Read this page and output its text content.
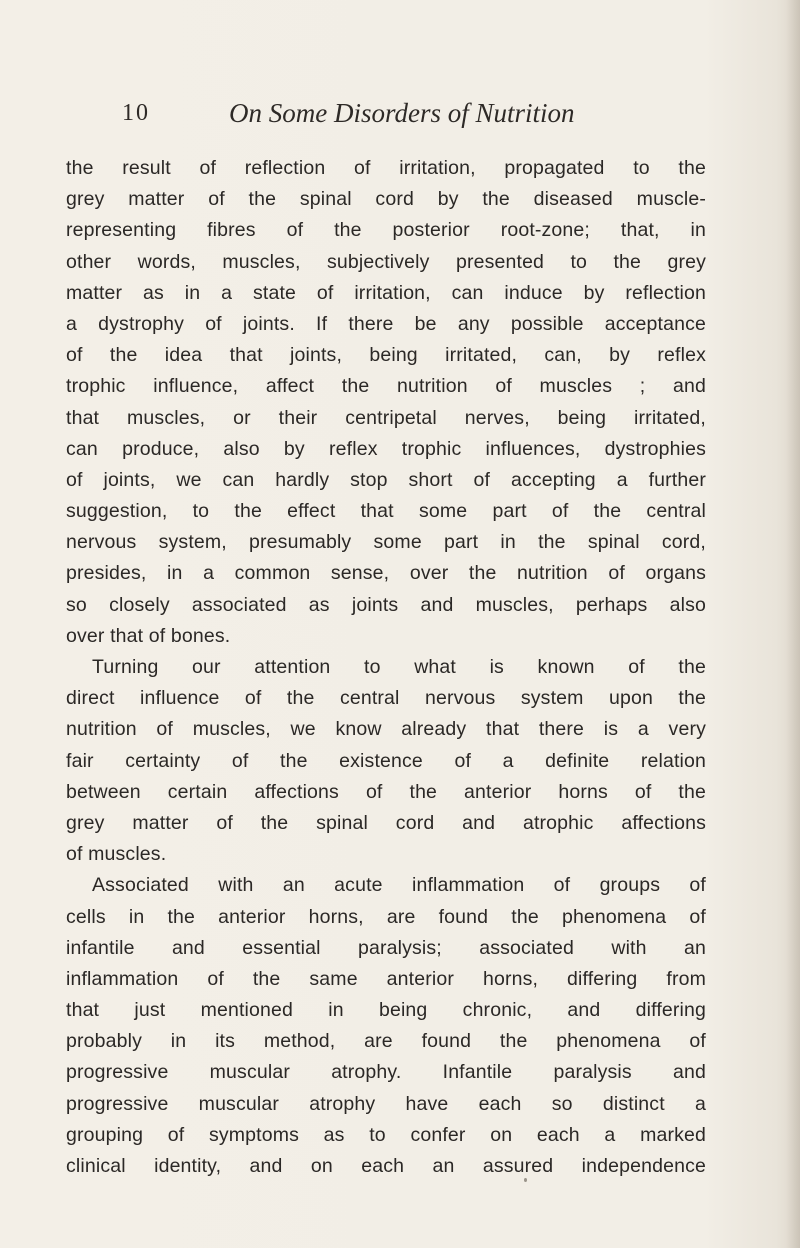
10	On Some Disorders of Nutrition
the result of reflection of irritation, propagated to the
grey matter of the spinal cord by the diseased muscle-
representing fibres of the posterior root-zone; that, in
other words, muscles, subjectively presented to the grey
matter as in a state of irritation, can induce by reflection
a dystrophy of joints. If there be any possible acceptance
of the idea that joints, being irritated, can, by reflex
trophic influence, affect the nutrition of muscles ; and
that muscles, or their centripetal nerves, being irritated,
can produce, also by reflex trophic influences, dystrophies
of joints, we can hardly stop short of accepting a further
suggestion, to the effect that some part of the central
nervous system, presumably some part in the spinal cord,
presides, in a common sense, over the nutrition of organs
so closely associated as joints and muscles, perhaps also
over that of bones.
Turning our attention to what is known of the
direct influence of the central nervous system upon the
nutrition of muscles, we know already that there is a very
fair certainty of the existence of a definite relation
between certain affections of the anterior horns of the
grey matter of the spinal cord and atrophic affections
of muscles.
Associated with an acute inflammation of groups of
cells in the anterior horns, are found the phenomena of
infantile and essential paralysis; associated with an
inflammation of the same anterior horns, differing from
that just mentioned in being chronic, and differing
probably in its method, are found the phenomena of
progressive muscular atrophy. Infantile paralysis and
progressive muscular atrophy have each so distinct a
grouping of symptoms as to confer on each a marked
clinical identity, and on each an assured independence
